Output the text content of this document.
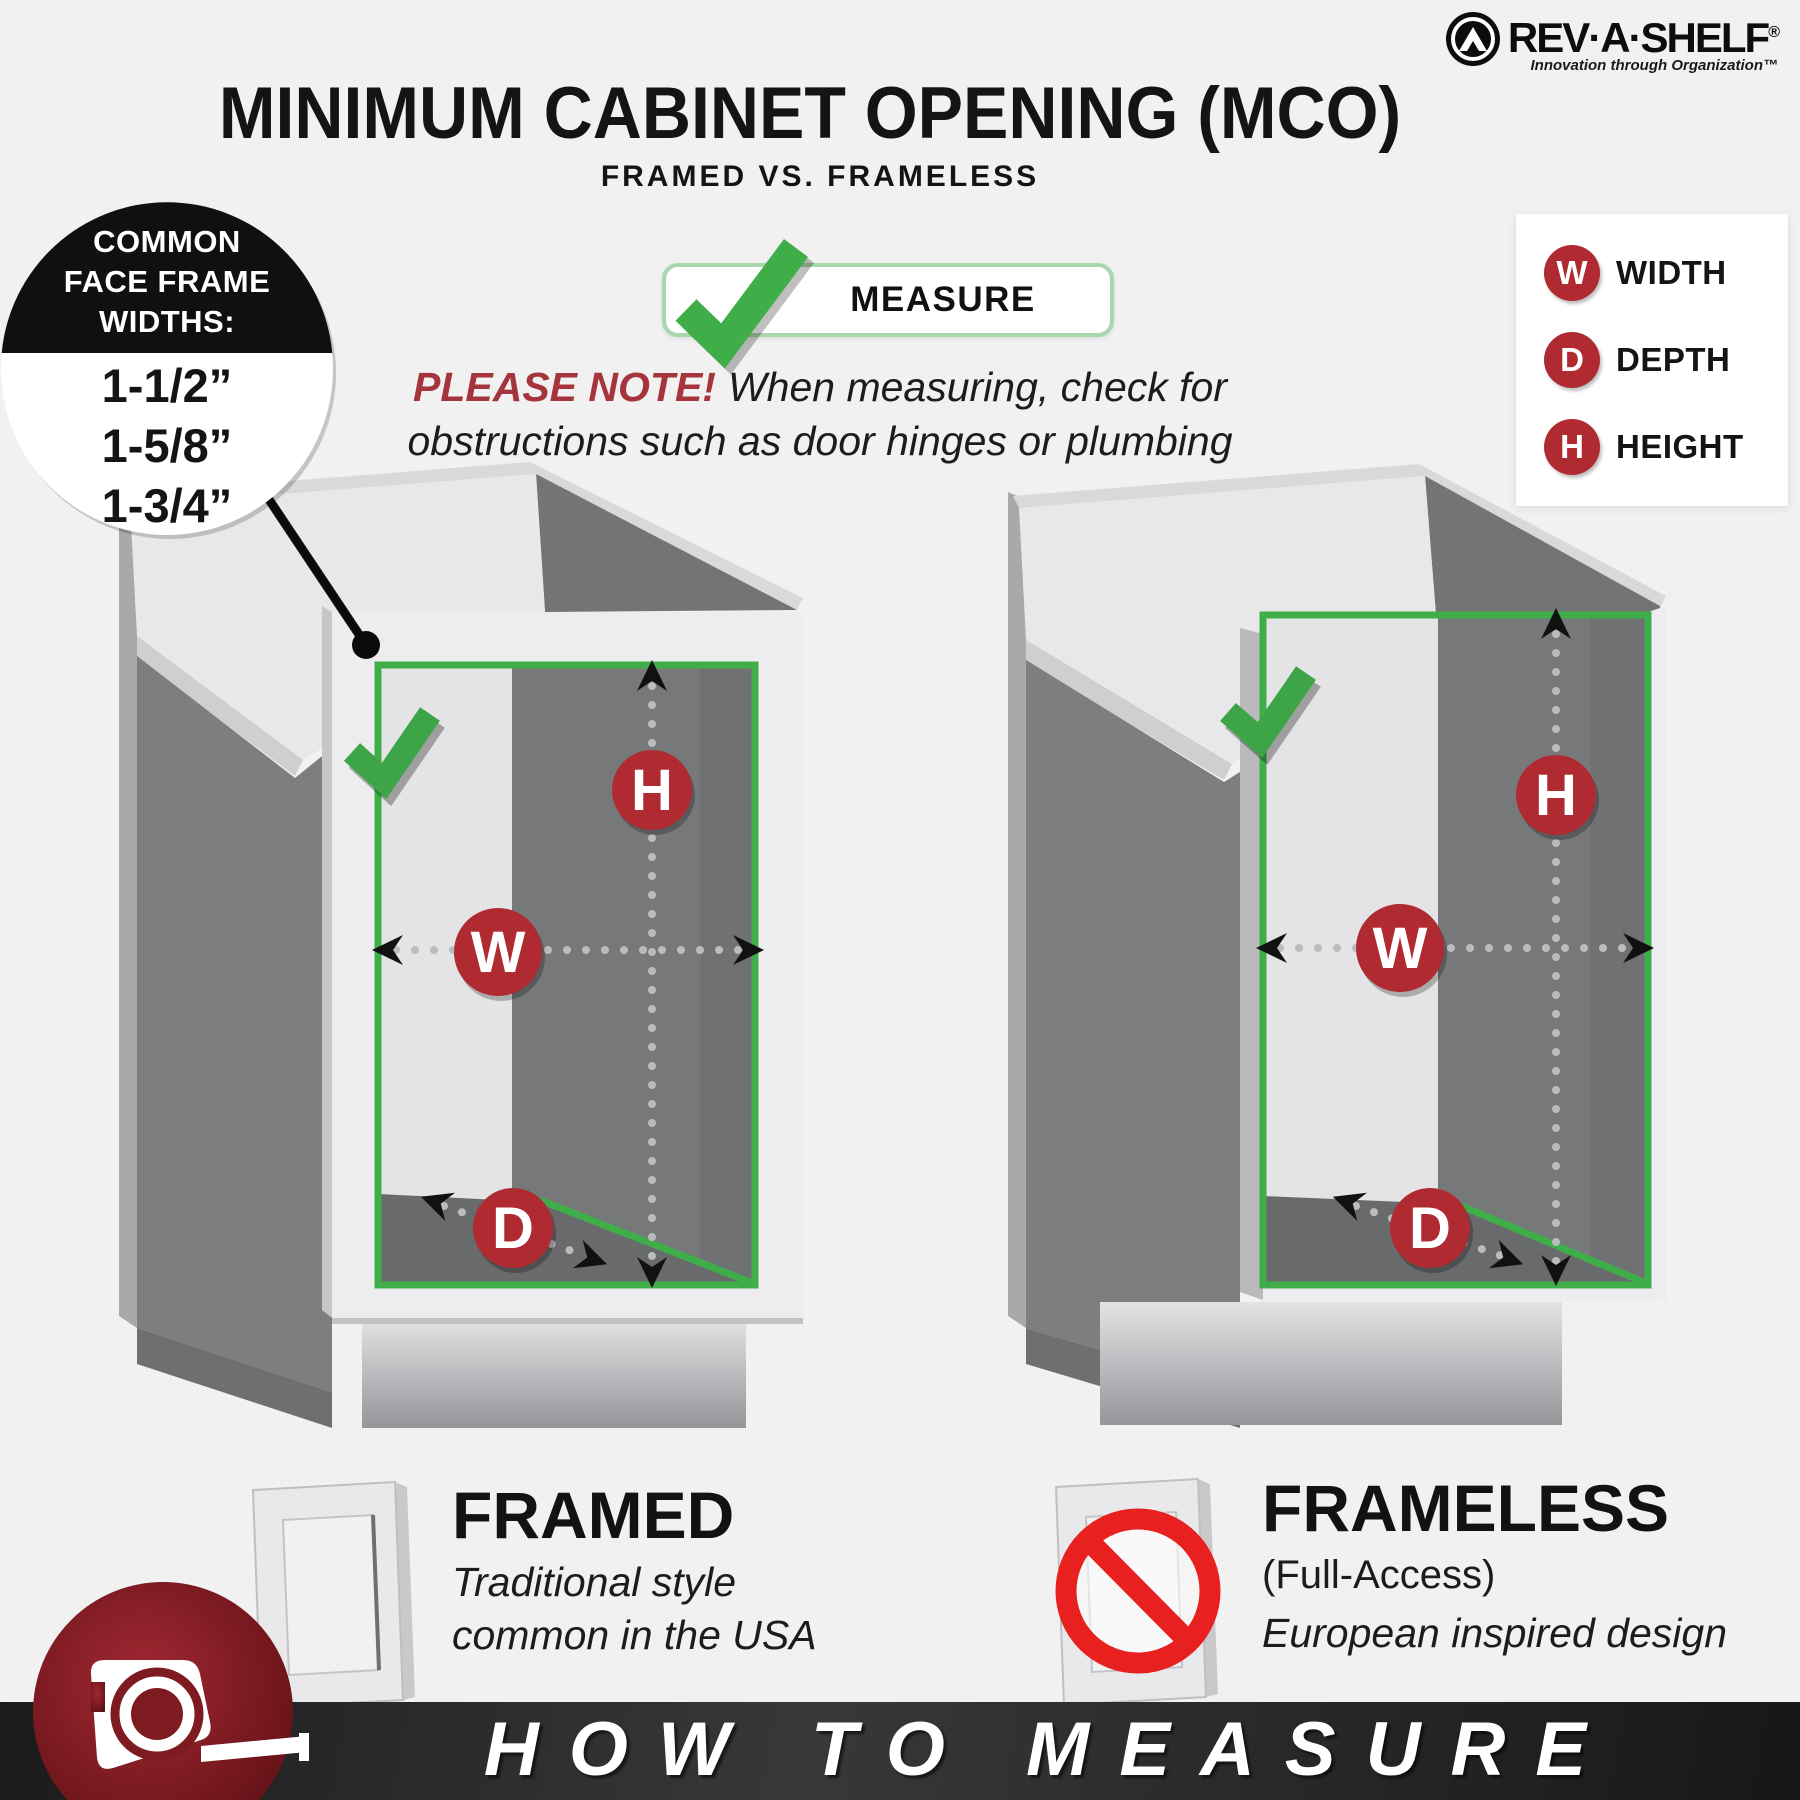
H
W
D
H
W
D
REV·A·SHELF®
Innovation through Organization™
MINIMUM CABINET OPENING (MCO)
FRAMED VS. FRAMELESS
COMMON
FACE FRAME
WIDTHS:
1-1/2”
1-5/8”
1-3/4”
MEASURE
PLEASE NOTE! When measuring, check for
obstructions such as door hinges or plumbing
W WIDTH
D DEPTH
H HEIGHT
FRAMED
Traditional style
common in the USA
FRAMELESS
(Full-Access)
European inspired design
HOW TO MEASURE
